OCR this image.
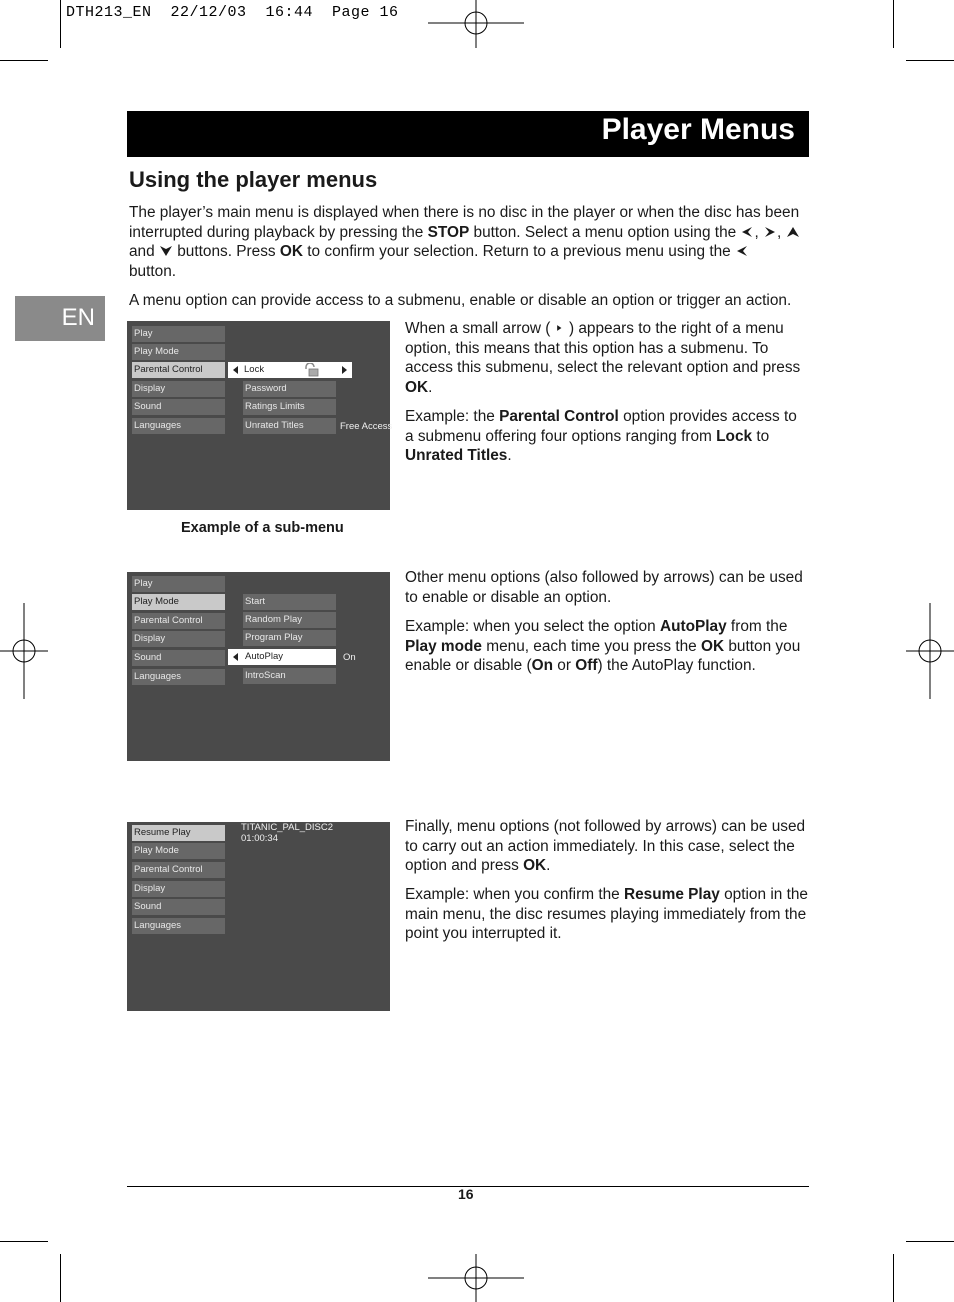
DTH213_EN  22/12/03  16:44  Page 16
Player Menus
Using the player menus
The player’s main menu is displayed when there is no disc in the player or when the disc has been interrupted during playback by pressing the STOP button. Select a menu option using the , ,  and  buttons. Press OK to confirm your selection. Return to a previous menu using the
button.
A menu option can provide access to a submenu, enable or disable an option or trigger an action.
EN
Play
Play Mode
Parental Control
Display
Sound
Languages
Lock
Password
Ratings Limits
Unrated Titles	Free Access
Example of a sub-menu
When a small arrow (  ) appears to the right of a menu option, this means that this option has a submenu. To access this submenu, select the relevant option and press OK.
Example: the Parental Control option provides access to a submenu offering four options ranging from Lock to Unrated Titles.
Play
Play Mode
Parental Control
Display
Sound
Languages
Start
Random Play
Program Play
AutoPlay
IntroScan
On
Other menu options (also followed by arrows) can be used to enable or disable an option.
Example: when you select the option AutoPlay from the Play mode menu, each time you press the OK button you enable or disable (On or Off) the AutoPlay function.
Resume Play
Play Mode
Parental Control
Display
Sound
Languages
TITANIC_PAL_DISC2
01:00:34
Finally, menu options (not followed by arrows) can be used to carry out an action immediately. In this case, select the option and press OK.
Example: when you confirm the Resume Play option in the main menu, the disc resumes playing immediately from the point you interrupted it.
16
